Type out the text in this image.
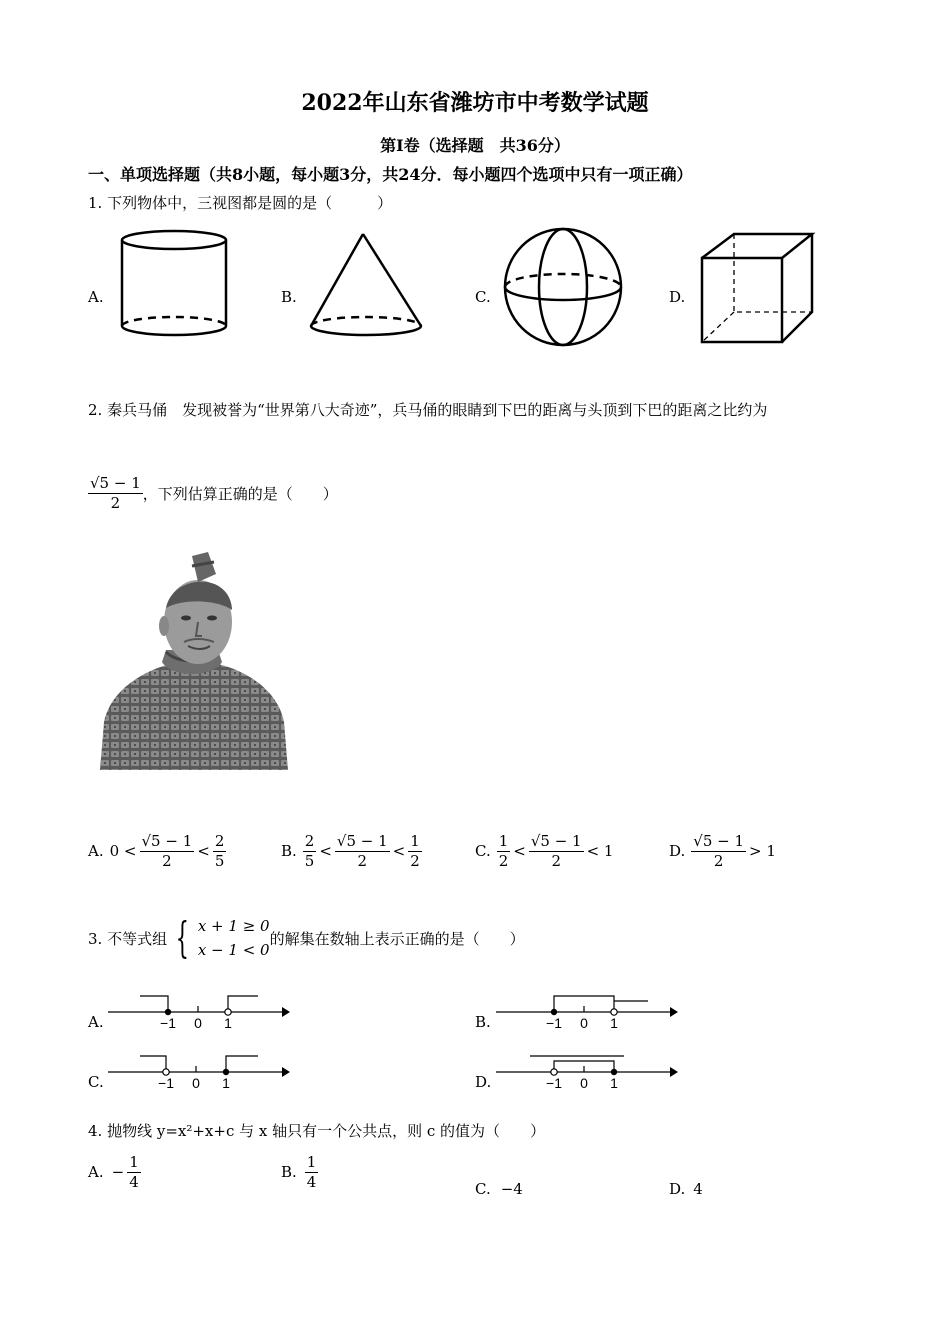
2022年山东省潍坊市中考数学试题
第Ⅰ卷（选择题　共36分）
一、单项选择题（共8小题，每小题3分，共24分．每小题四个选项中只有一项正确）
1. 下列物体中，三视图都是圆的是（　　　）
A.	B.	C.	D.
2. 秦兵马俑　发现被誉为“世界第八大奇迹”，兵马俑的眼睛到下巴的距离与头顶到下巴的距离之比约为
$\frac{√5 - 1}{2}$ ，下列估算正确的是（　　）
A. $0 < \frac{√5 - 1}{2} < \frac{2}{5}$	B. $\frac{2}{5} < \frac{√5 - 1}{2} < \frac{1}{2}$	C. $\frac{1}{2} < \frac{√5 - 1}{2} < 1$	D. $\frac{√5 - 1}{2} > 1$
3. 不等式组 { x + 1 ≥ 0
x − 1 < 0
的解集在数轴上表示正确的是（　　）
A.	−1 0 1	B.	−1 0 1
C.	−1 0 1	D.	−1 0 1
4. 抛物线 y=x²+x+c 与 x 轴只有一个公共点，则 c 的值为（　　）
A. − $\frac{1}{4}$	B. $\frac{1}{4}$	C. −4	D. 4
